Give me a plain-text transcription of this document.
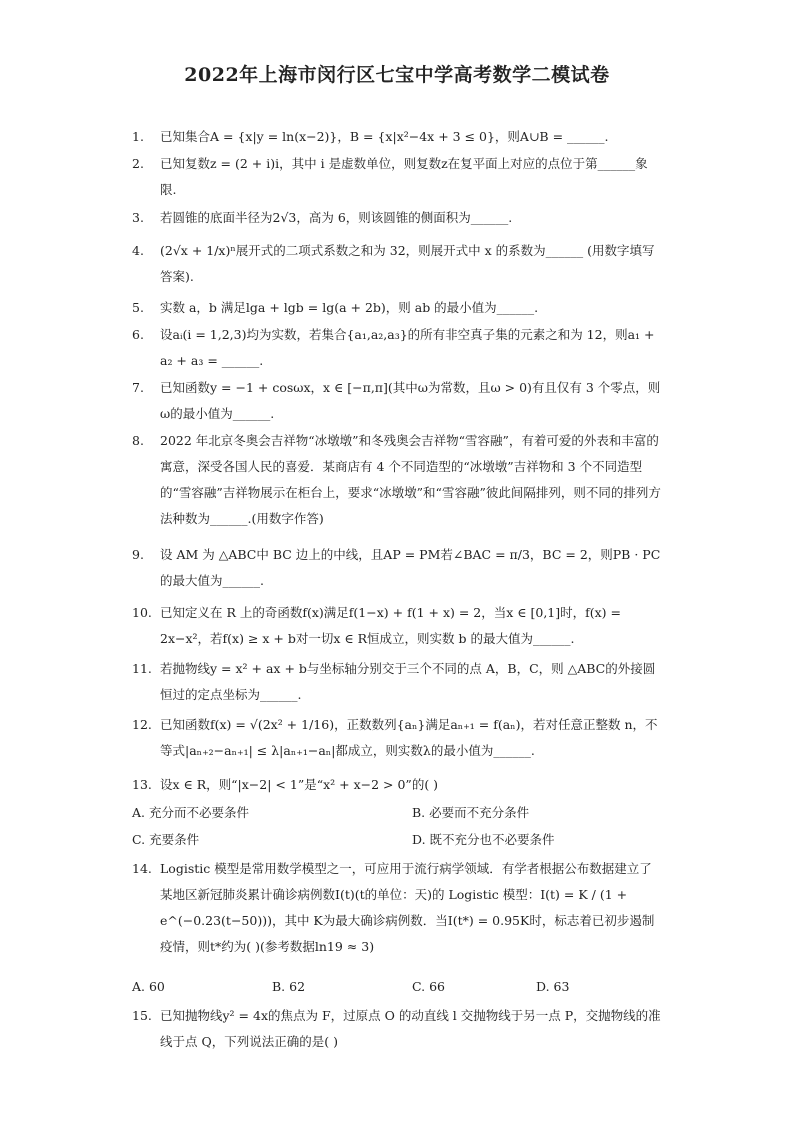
2022年上海市闵行区七宝中学高考数学二模试卷
1.	已知集合A = {x|y = ln(x−2)}，B = {x|x²−4x + 3 ≤ 0}，则A∪B = ______.
2.	已知复数z = (2 + i)i，其中 i 是虚数单位，则复数z在复平面上对应的点位于第______象限.
3.	若圆锥的底面半径为2√3，高为 6，则该圆锥的侧面积为______.
4.	(2√x + 1/x)ⁿ展开式的二项式系数之和为 32，则展开式中 x 的系数为______ (用数字填写答案).
5.	实数 a，b 满足lga + lgb = lg(a + 2b)，则 ab 的最小值为______.
6.	设aᵢ(i = 1,2,3)均为实数，若集合{a₁,a₂,a₃}的所有非空真子集的元素之和为 12，则a₁ + a₂ + a₃ = ______.
7.	已知函数y = −1 + cosωx，x ∈ [−π,π](其中ω为常数，且ω > 0)有且仅有 3 个零点，则ω的最小值为______.
8.	2022 年北京冬奥会吉祥物“冰墩墩”和冬残奥会吉祥物“雪容融”，有着可爱的外表和丰富的寓意，深受各国人民的喜爱．某商店有 4 个不同造型的“冰墩墩”吉祥物和 3 个不同造型的“雪容融”吉祥物展示在柜台上，要求“冰墩墩”和“雪容融”彼此间隔排列，则不同的排列方法种数为______.(用数字作答)
9.	设 AM 为 △ABC中 BC 边上的中线，且AP = PM若∠BAC = π/3，BC = 2，则PB · PC的最大值为______.
10. 已知定义在 R 上的奇函数f(x)满足f(1−x) + f(1 + x) = 2，当x ∈ [0,1]时，f(x) = 2x−x²，若f(x) ≥ x + b对一切x ∈ R恒成立，则实数 b 的最大值为______.
11. 若抛物线y = x² + ax + b与坐标轴分别交于三个不同的点 A，B，C，则 △ABC的外接圆恒过的定点坐标为______.
12. 已知函数f(x) = √(2x² + 1/16)，正数数列{aₙ}满足aₙ₊₁ = f(aₙ)，若对任意正整数 n，不等式|aₙ₊₂−aₙ₊₁| ≤ λ|aₙ₊₁−aₙ|都成立，则实数λ的最小值为______.
13. 设x ∈ R，则“|x−2| < 1”是“x² + x−2 > 0”的( )
A. 充分而不必要条件	B. 必要而不充分条件
C. 充要条件	D. 既不充分也不必要条件
14. Logistic 模型是常用数学模型之一，可应用于流行病学领域．有学者根据公布数据建立了某地区新冠肺炎累计确诊病例数I(t)(t的单位：天)的 Logistic 模型：I(t) = K / (1 + e^(−0.23(t−50)))，其中 K为最大确诊病例数．当I(t*) = 0.95K时，标志着已初步遏制疫情，则t*约为( )(参考数据ln19 ≈ 3)
A. 60	B. 62	C. 66	D. 63
15. 已知抛物线y² = 4x的焦点为 F，过原点 O 的动直线 l 交抛物线于另一点 P，交抛物线的准线于点 Q，下列说法正确的是( )
